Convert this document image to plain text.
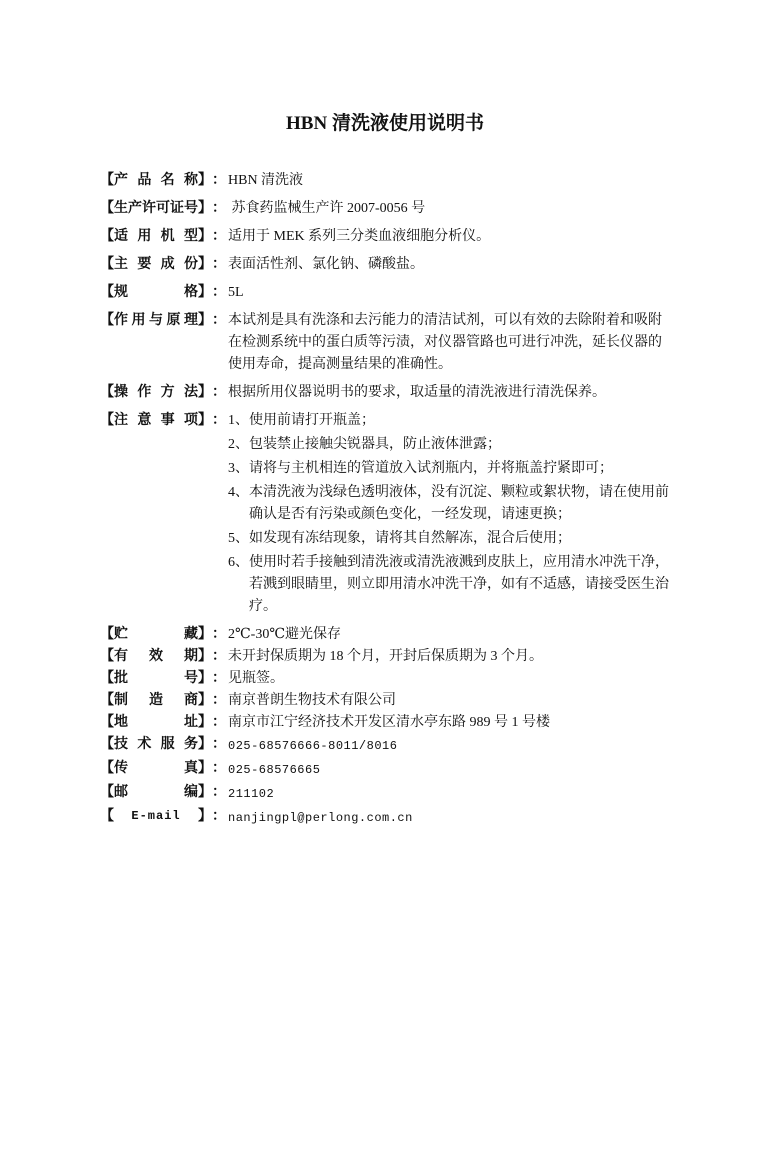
HBN 清洗液使用说明书
【产品名称】 ： HBN 清洗液
【生产许可证号】 ： 苏食药监械生产许 2007-0056 号
【适用机型】 ： 适用于 MEK 系列三分类血液细胞分析仪。
【主要成份】 ： 表面活性剂、氯化钠、磷酸盐。
【规格】 ： 5L
【作用与原理】 ： 本试剂是具有洗涤和去污能力的清洁试剂，可以有效的去除附着和吸附在检测系统中的蛋白质等污渍，对仪器管路也可进行冲洗，延长仪器的使用寿命，提高测量结果的准确性。
【操作方法】 ： 根据所用仪器说明书的要求，取适量的清洗液进行清洗保养。
【注意事项】 ： 1、使用前请打开瓶盖；
2、包装禁止接触尖锐器具，防止液体泄露；
3、请将与主机相连的管道放入试剂瓶内，并将瓶盖拧紧即可；
4、本清洗液为浅绿色透明液体，没有沉淀、颗粒或絮状物，请在使用前确认是否有污染或颜色变化，一经发现，请速更换；
5、如发现有冻结现象，请将其自然解冻，混合后使用；
6、使用时若手接触到清洗液或清洗液溅到皮肤上，应用清水冲洗干净，若溅到眼睛里，则立即用清水冲洗干净，如有不适感，请接受医生治疗。
【贮藏】 ： 2℃-30℃避光保存
【有效期】 ： 未开封保质期为 18 个月，开封后保质期为 3 个月。
【批号】 ： 见瓶签。
【制造商】 ： 南京普朗生物技术有限公司
【地址】 ： 南京市江宁经济技术开发区清水亭东路 989 号 1 号楼
【技术服务】 ： 025-68576666-8011/8016
【传真】 ： 025-68576665
【邮编】 ： 211102
【 E-mail 】 ： nanjingpl@perlong.com.cn
